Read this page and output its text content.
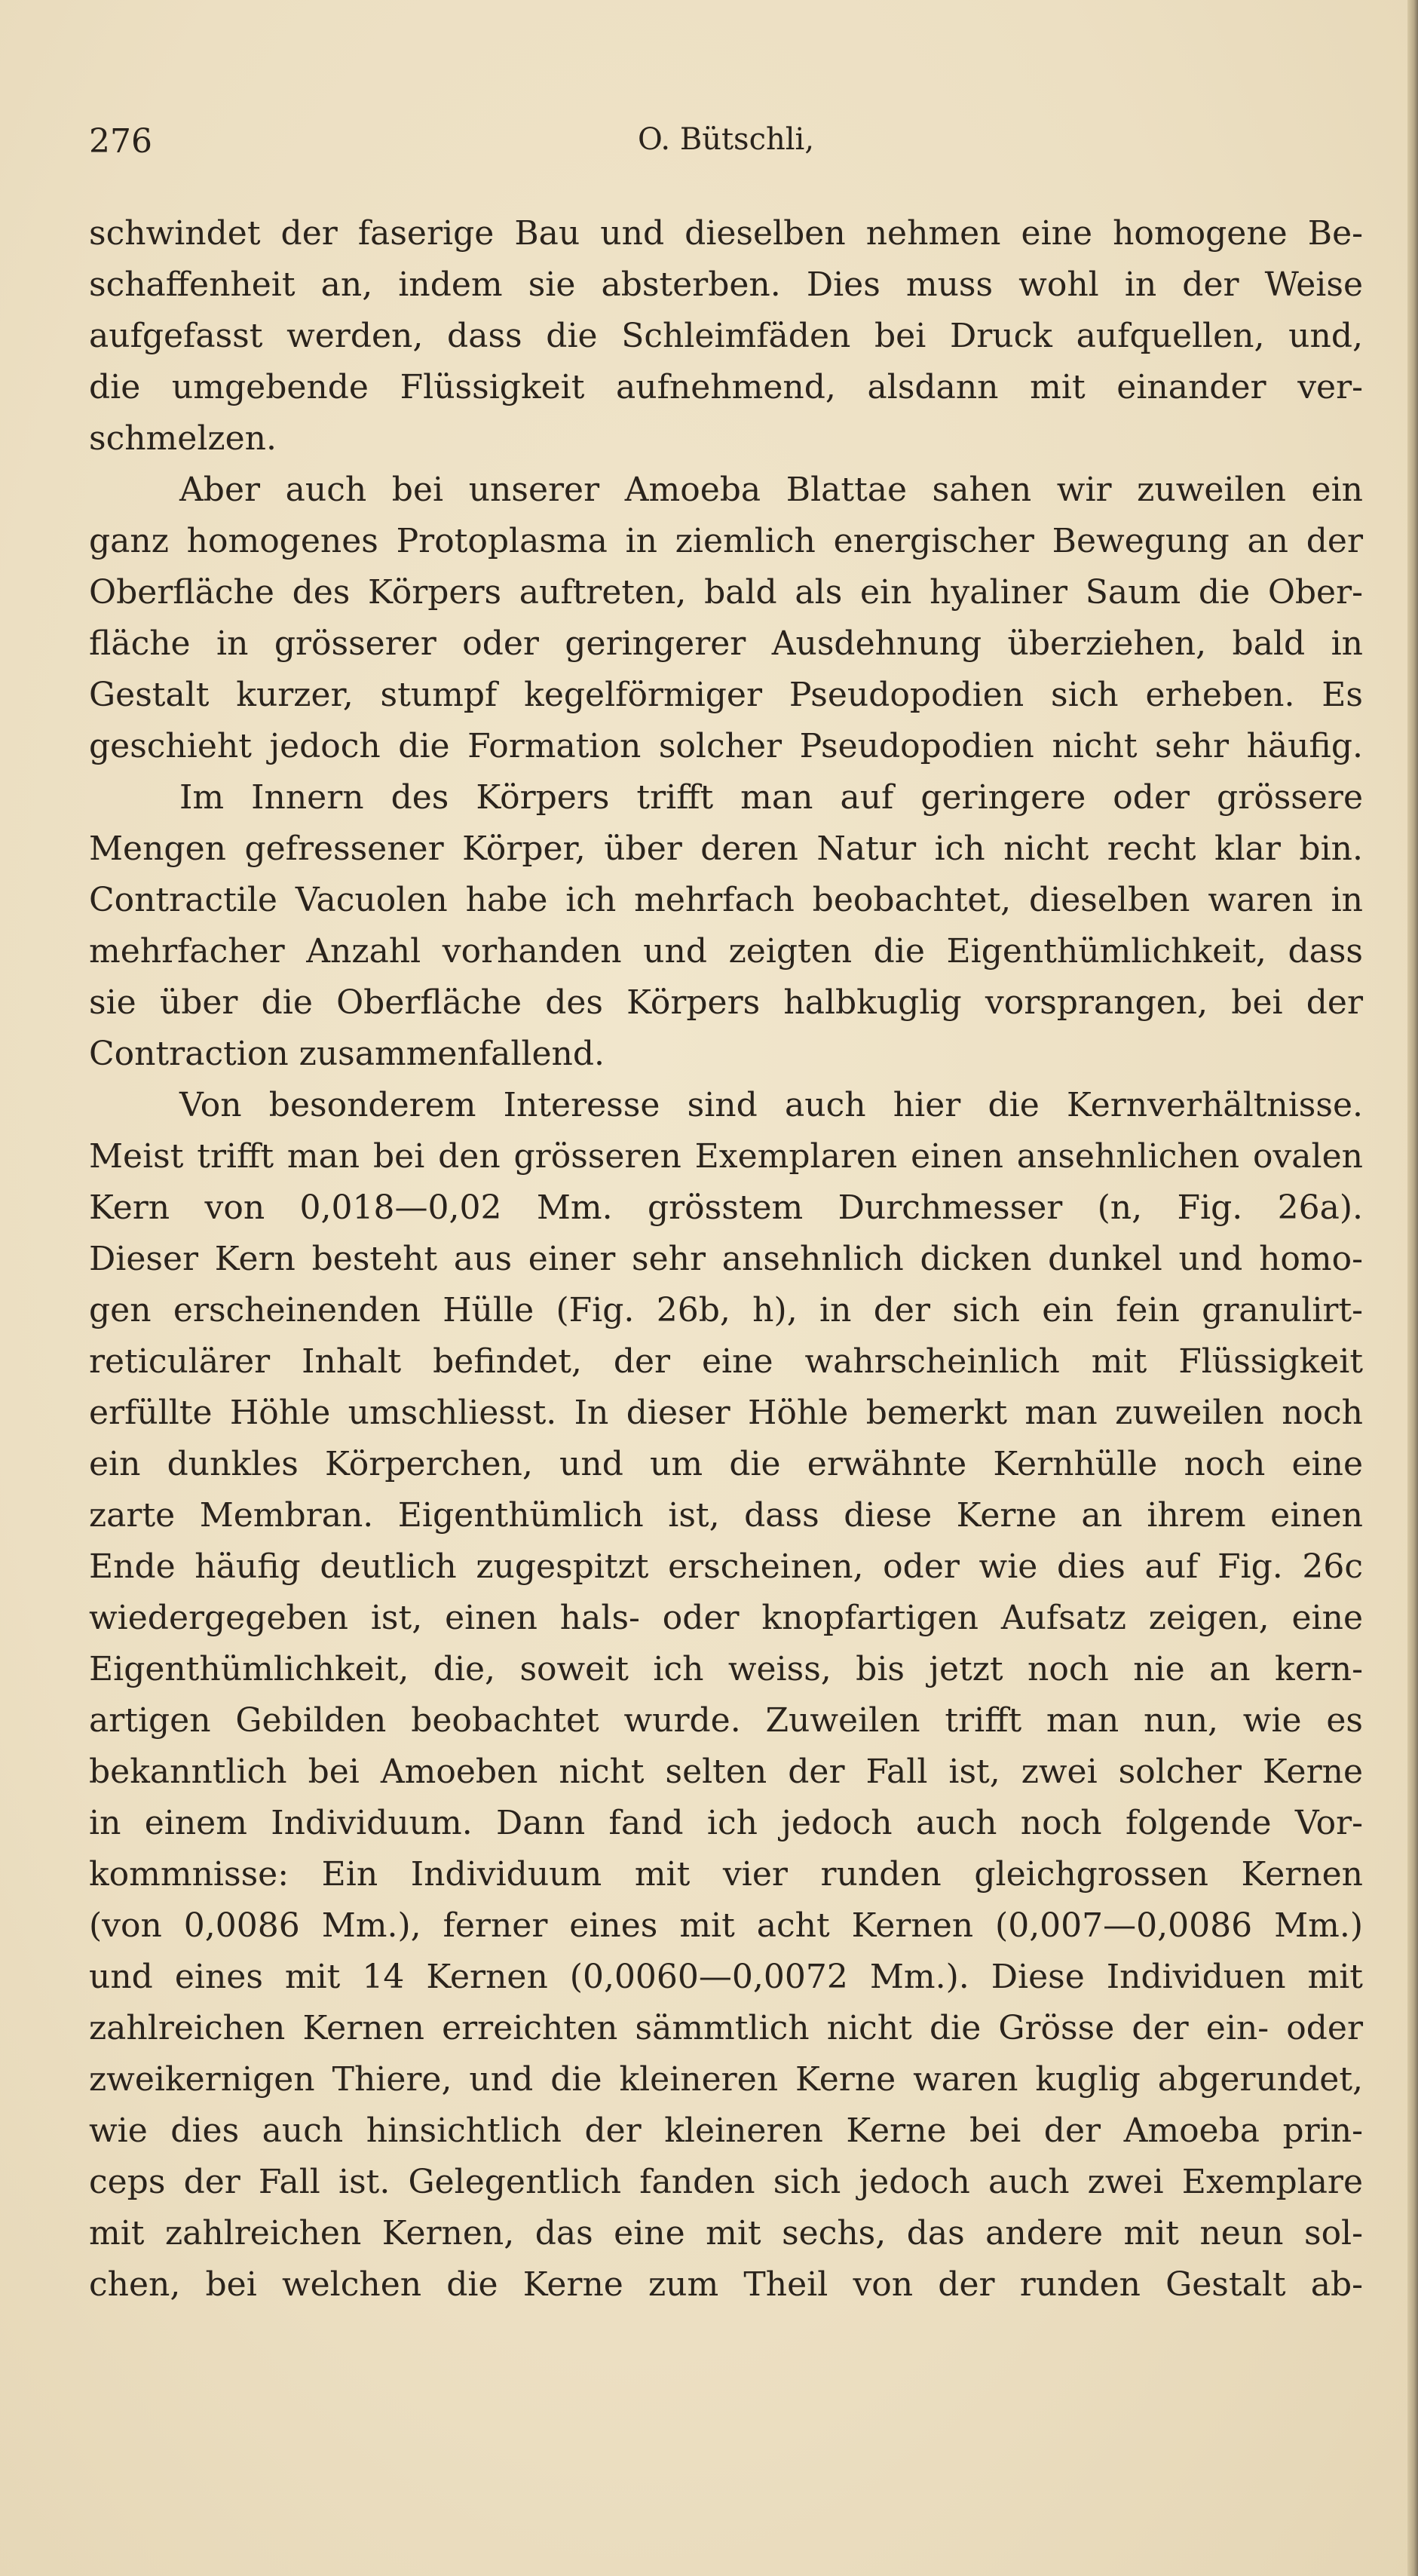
276	O. Bütschli,
schwindet der faserige Bau und dieselben nehmen eine homogene Be-
schaffenheit an, indem sie absterben. Dies muss wohl in der Weise
aufgefasst werden, dass die Schleimfäden bei Druck aufquellen, und,
die umgebende Flüssigkeit aufnehmend, alsdann mit einander ver-
schmelzen.
Aber auch bei unserer Amoeba Blattae sahen wir zuweilen ein
ganz homogenes Protoplasma in ziemlich energischer Bewegung an der
Oberfläche des Körpers auftreten, bald als ein hyaliner Saum die Ober-
fläche in grösserer oder geringerer Ausdehnung überziehen, bald in
Gestalt kurzer, stumpf kegelförmiger Pseudopodien sich erheben. Es
geschieht jedoch die Formation solcher Pseudopodien nicht sehr häufig.
Im Innern des Körpers trifft man auf geringere oder grössere
Mengen gefressener Körper, über deren Natur ich nicht recht klar bin.
Contractile Vacuolen habe ich mehrfach beobachtet, dieselben waren in
mehrfacher Anzahl vorhanden und zeigten die Eigenthümlichkeit, dass
sie über die Oberfläche des Körpers halbkuglig vorsprangen, bei der
Contraction zusammenfallend.
Von besonderem Interesse sind auch hier die Kernverhältnisse.
Meist trifft man bei den grösseren Exemplaren einen ansehnlichen ovalen
Kern von 0,018—0,02 Mm. grösstem Durchmesser (n, Fig. 26a).
Dieser Kern besteht aus einer sehr ansehnlich dicken dunkel und homo-
gen erscheinenden Hülle (Fig. 26b, h), in der sich ein fein granulirt-
reticulärer Inhalt befindet, der eine wahrscheinlich mit Flüssigkeit
erfüllte Höhle umschliesst. In dieser Höhle bemerkt man zuweilen noch
ein dunkles Körperchen, und um die erwähnte Kernhülle noch eine
zarte Membran. Eigenthümlich ist, dass diese Kerne an ihrem einen
Ende häufig deutlich zugespitzt erscheinen, oder wie dies auf Fig. 26c
wiedergegeben ist, einen hals- oder knopfartigen Aufsatz zeigen, eine
Eigenthümlichkeit, die, soweit ich weiss, bis jetzt noch nie an kern-
artigen Gebilden beobachtet wurde. Zuweilen trifft man nun, wie es
bekanntlich bei Amoeben nicht selten der Fall ist, zwei solcher Kerne
in einem Individuum. Dann fand ich jedoch auch noch folgende Vor-
kommnisse: Ein Individuum mit vier runden gleichgrossen Kernen
(von 0,0086 Mm.), ferner eines mit acht Kernen (0,007—0,0086 Mm.)
und eines mit 14 Kernen (0,0060—0,0072 Mm.). Diese Individuen mit
zahlreichen Kernen erreichten sämmtlich nicht die Grösse der ein- oder
zweikernigen Thiere, und die kleineren Kerne waren kuglig abgerundet,
wie dies auch hinsichtlich der kleineren Kerne bei der Amoeba prin-
ceps der Fall ist. Gelegentlich fanden sich jedoch auch zwei Exemplare
mit zahlreichen Kernen, das eine mit sechs, das andere mit neun sol-
chen, bei welchen die Kerne zum Theil von der runden Gestalt ab-
